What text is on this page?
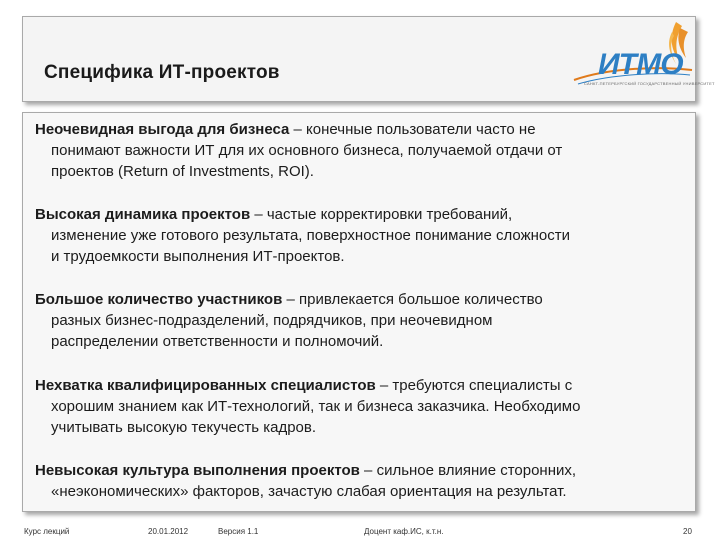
Специфика ИТ-проектов	ИТМО
САНКТ-ПЕТЕРБУРГСКИЙ ГОСУДАРСТВЕННЫЙ УНИВЕРСИТЕТ
Неочевидная выгода для бизнеса – конечные пользователи часто не
понимают важности ИТ для их основного бизнеса, получаемой отдачи от
проектов (Return of Investments, ROI).
Высокая динамика проектов – частые корректировки требований,
изменение уже готового результата, поверхностное понимание сложности
и трудоемкости выполнения ИТ-проектов.
Большое количество участников – привлекается большое количество
разных бизнес-подразделений, подрядчиков, при неочевидном
распределении ответственности и полномочий.
Нехватка квалифицированных специалистов – требуются специалисты с
хорошим знанием как ИТ-технологий, так и бизнеса заказчика. Необходимо
учитывать высокую текучесть кадров.
Невысокая культура выполнения проектов – сильное влияние сторонних,
«неэкономических» факторов, зачастую слабая ориентация на результат.
Курс лекций	20.01.2012	Версия 1.1	Доцент каф.ИС, к.т.н.	20
